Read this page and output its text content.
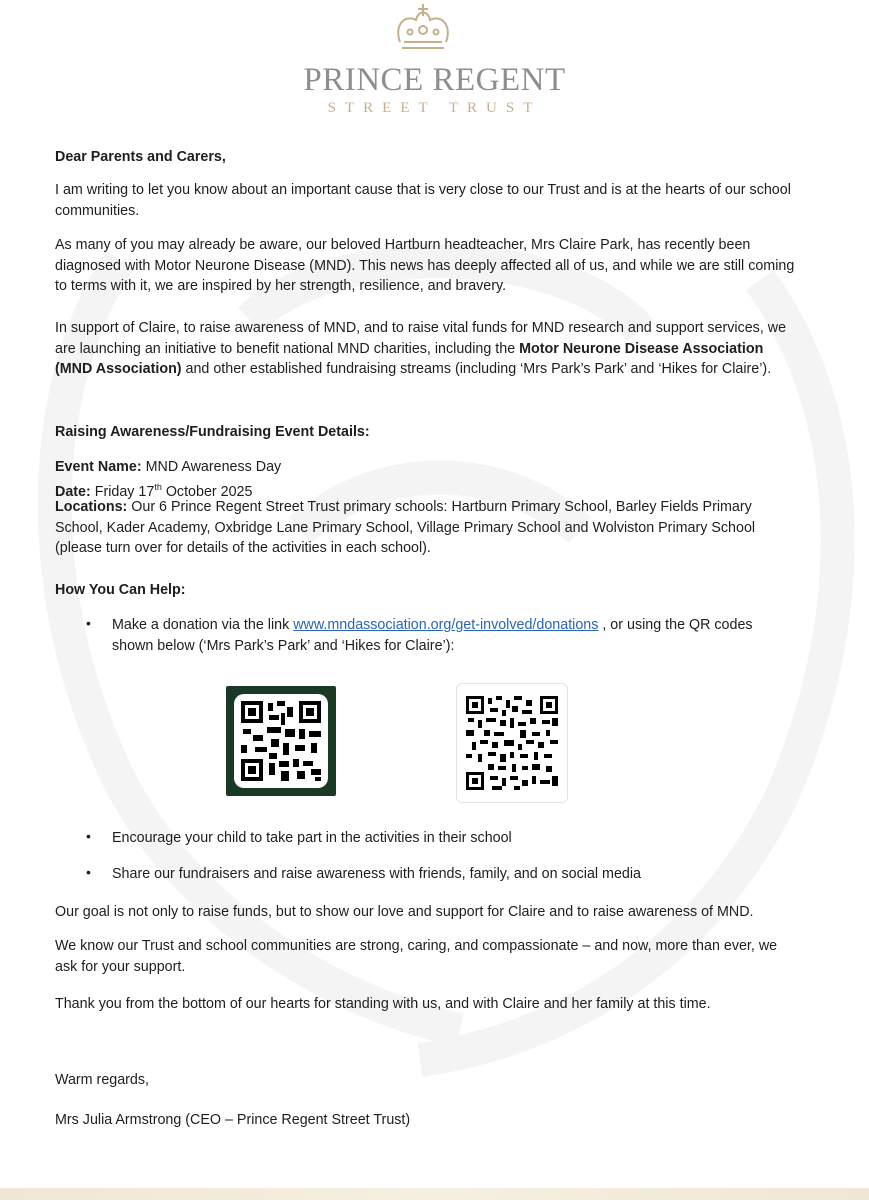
PRINCE REGENT
STREET TRUST

Dear Parents and Carers,

I am writing to let you know about an important cause that is very close to our Trust and is at the hearts of our school communities.

As many of you may already be aware, our beloved Hartburn headteacher, Mrs Claire Park, has recently been diagnosed with Motor Neurone Disease (MND). This news has deeply affected all of us, and while we are still coming to terms with it, we are inspired by her strength, resilience, and bravery.

In support of Claire, to raise awareness of MND, and to raise vital funds for MND research and support services, we are launching an initiative to benefit national MND charities, including the Motor Neurone Disease Association (MND Association) and other established fundraising streams (including ‘Mrs Park’s Park’ and ‘Hikes for Claire’).

Raising Awareness/Fundraising Event Details:

Event Name: MND Awareness Day

Date: Friday 17th October 2025

Locations: Our 6 Prince Regent Street Trust primary schools: Hartburn Primary School, Barley Fields Primary School, Kader Academy, Oxbridge Lane Primary School, Village Primary School and Wolviston Primary School (please turn over for details of the activities in each school).

How You Can Help:

• Make a donation via the link www.mndassociation.org/get-involved/donations , or using the QR codes shown below (‘Mrs Park’s Park’ and ‘Hikes for Claire’):

• Encourage your child to take part in the activities in their school

• Share our fundraisers and raise awareness with friends, family, and on social media

Our goal is not only to raise funds, but to show our love and support for Claire and to raise awareness of MND.

We know our Trust and school communities are strong, caring, and compassionate – and now, more than ever, we ask for your support.

Thank you from the bottom of our hearts for standing with us, and with Claire and her family at this time.

Warm regards,

Mrs Julia Armstrong (CEO – Prince Regent Street Trust)
